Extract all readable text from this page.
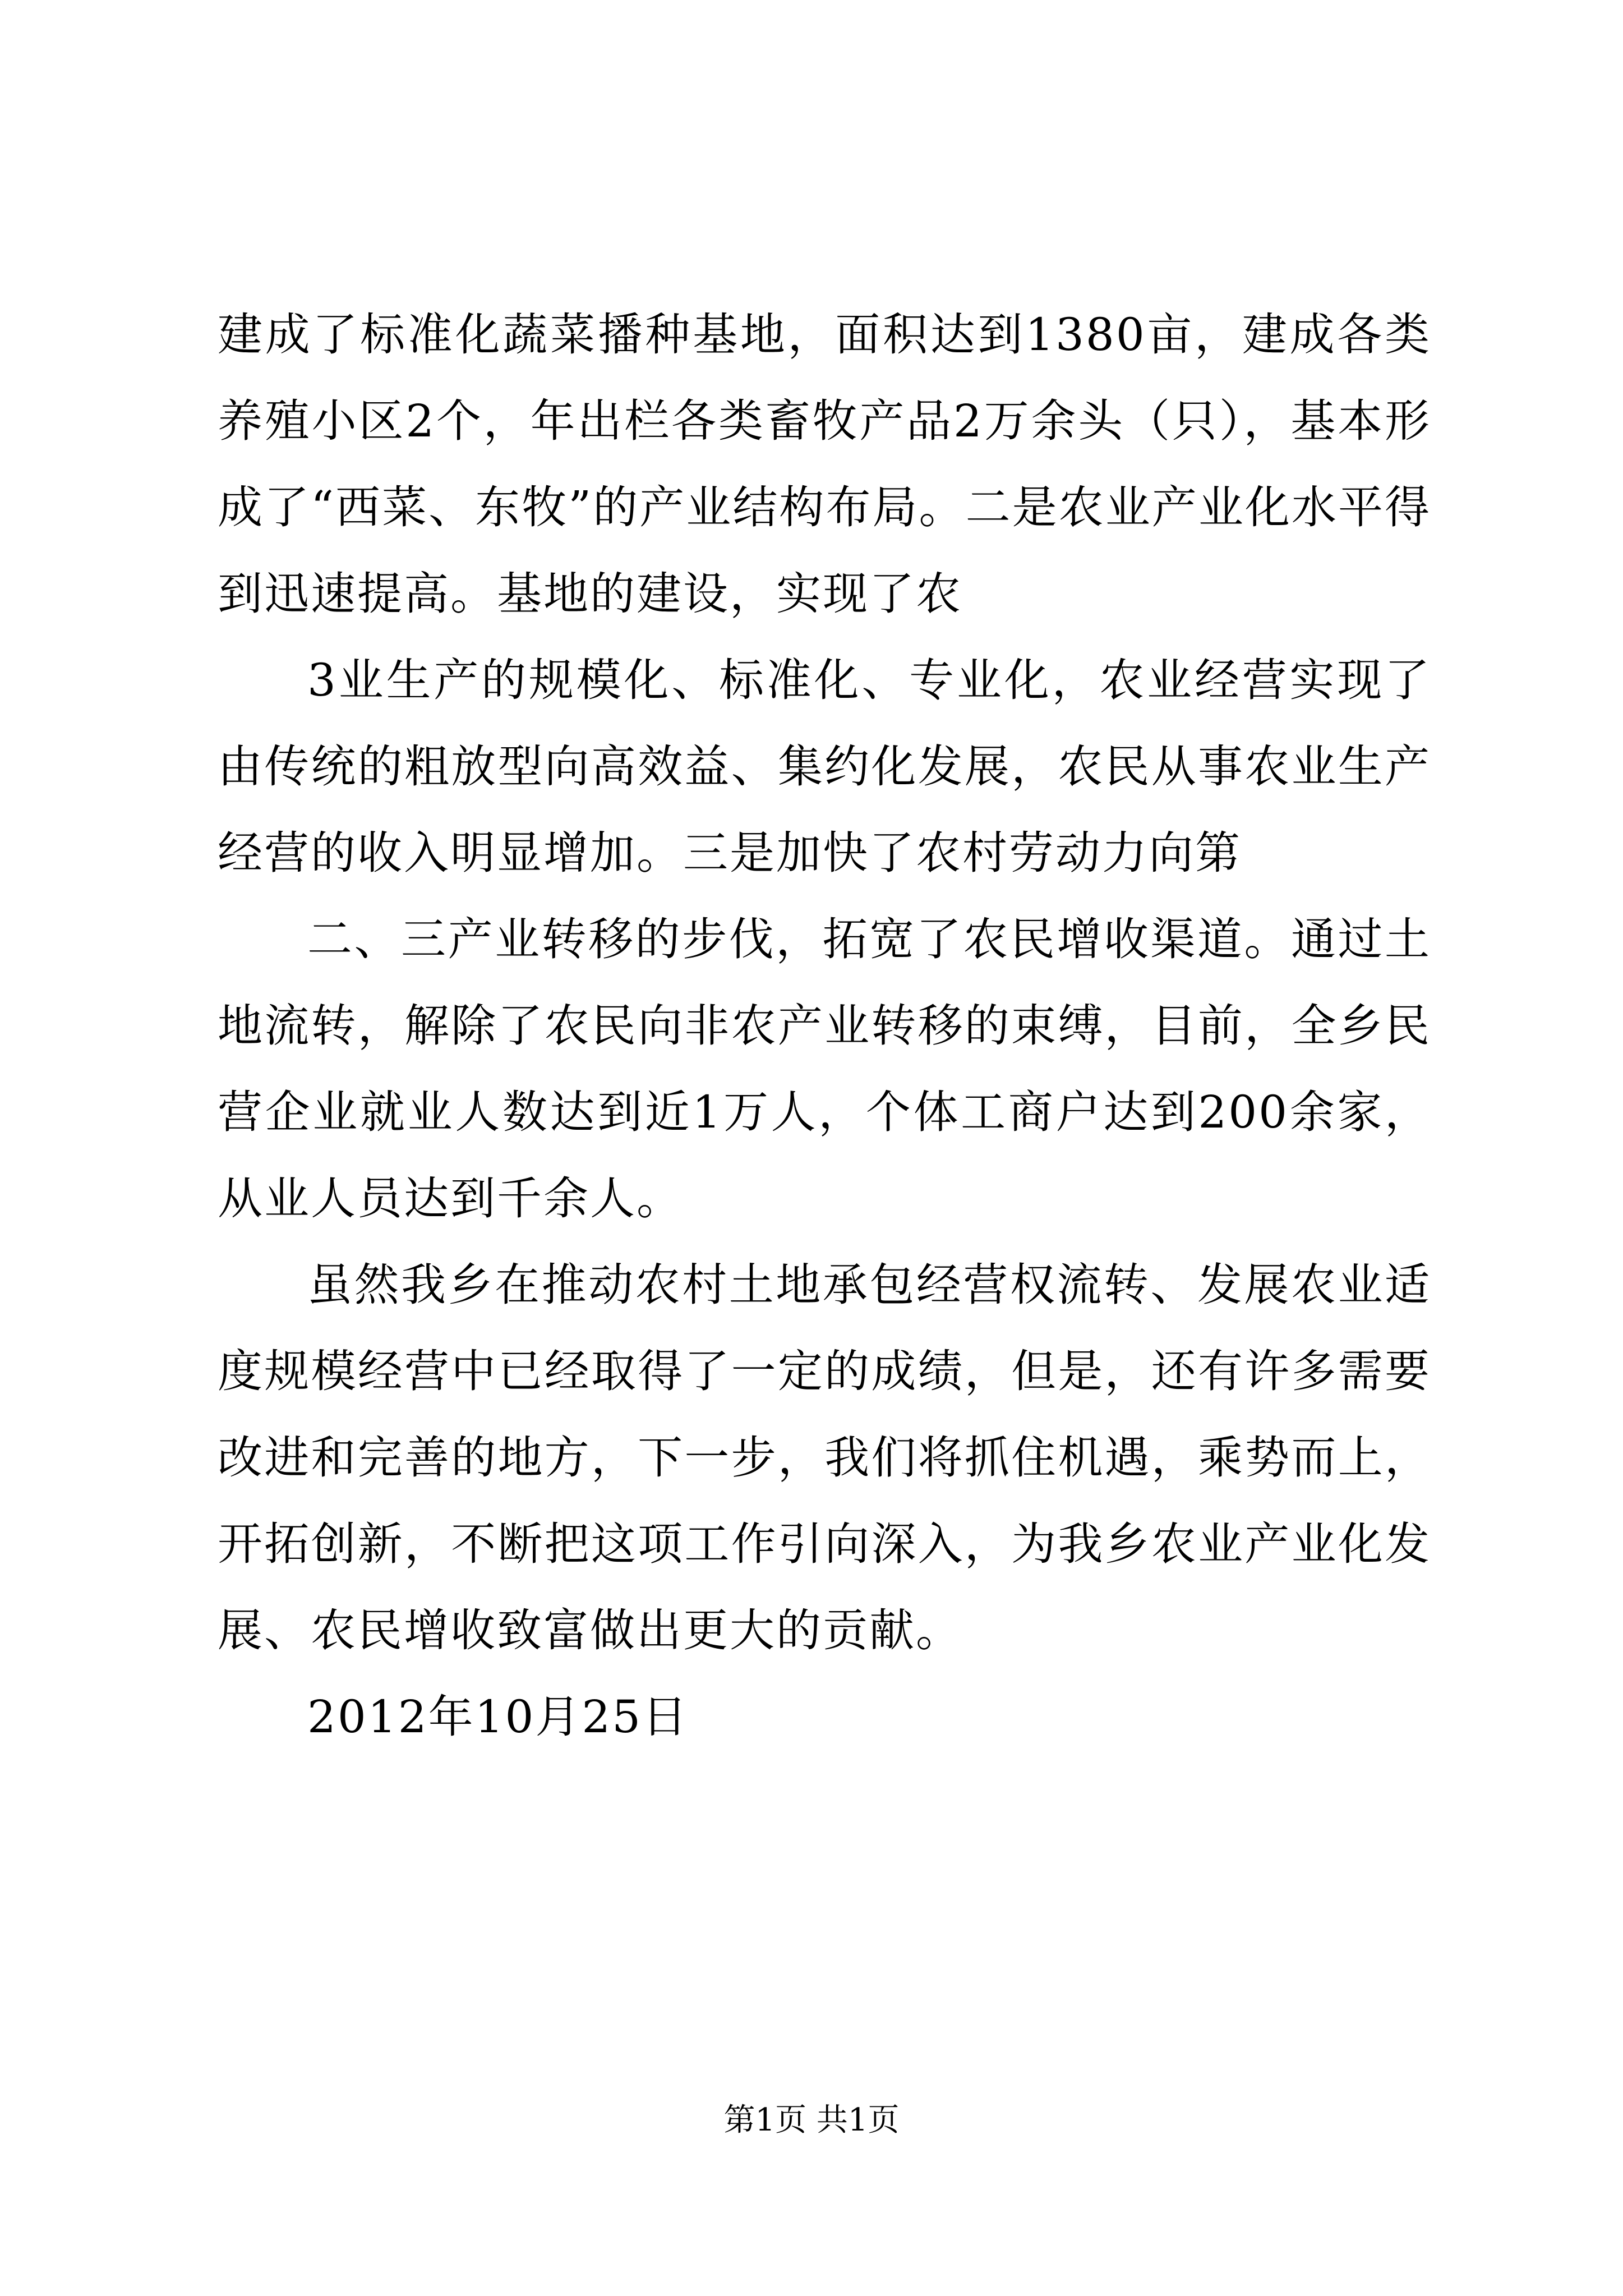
建成了标准化蔬菜播种基地，面积达到1380亩，建成各类养殖小区2个，年出栏各类畜牧产品2万余头（只），基本形成了“西菜、东牧”的产业结构布局。二是农业产业化水平得到迅速提高。基地的建设，实现了农

3业生产的规模化、标准化、专业化，农业经营实现了由传统的粗放型向高效益、集约化发展，农民从事农业生产经营的收入明显增加。三是加快了农村劳动力向第

二、三产业转移的步伐，拓宽了农民增收渠道。通过土地流转，解除了农民向非农产业转移的束缚，目前，全乡民营企业就业人数达到近1万人，个体工商户达到200余家，从业人员达到千余人。

虽然我乡在推动农村土地承包经营权流转、发展农业适度规模经营中已经取得了一定的成绩，但是，还有许多需要改进和完善的地方，下一步，我们将抓住机遇，乘势而上，开拓创新，不断把这项工作引向深入，为我乡农业产业化发展、农民增收致富做出更大的贡献。

2012年10月25日

第1页 共1页
